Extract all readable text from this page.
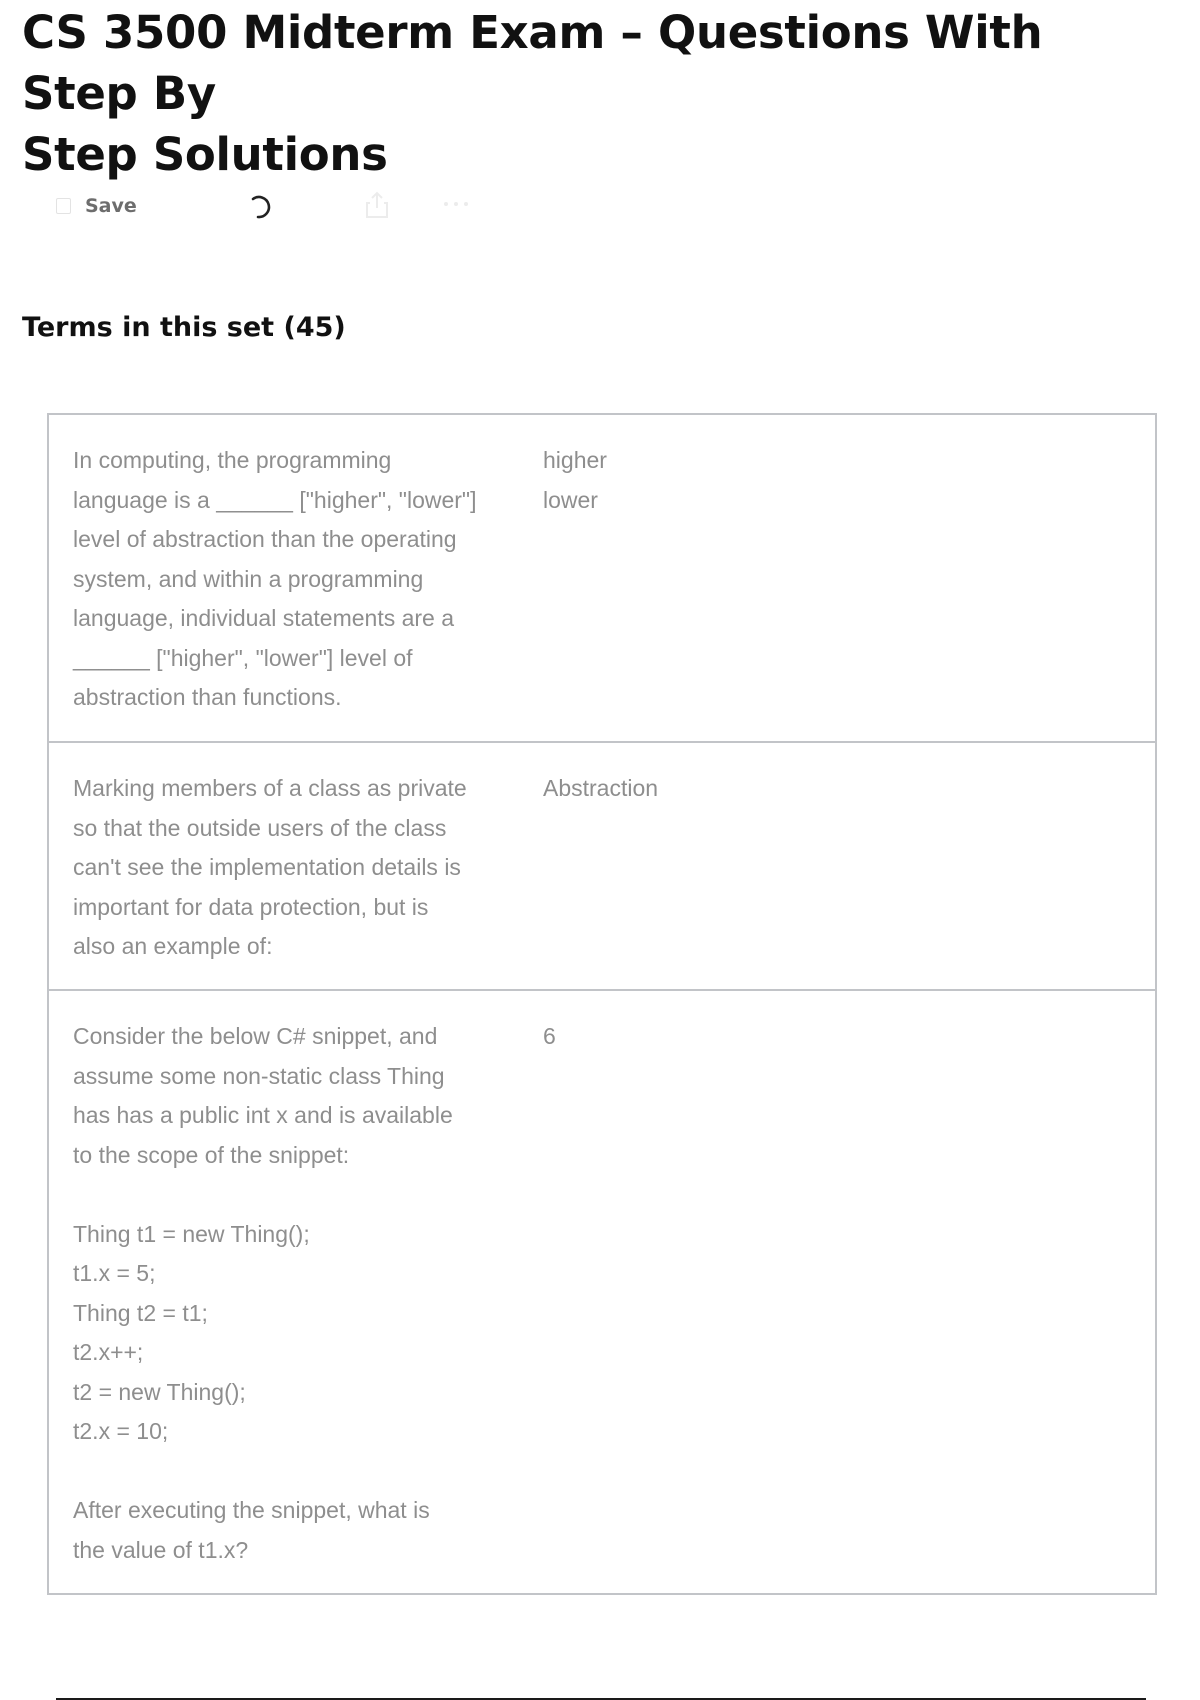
CS 3500 Midterm Exam – Questions With Step By
Step Solutions
Save
Terms in this set (45)
In computing, the programming
language is a ______ ["higher", "lower"]
level of abstraction than the operating
system, and within a programming
language, individual statements are a
______ ["higher", "lower"] level of
abstraction than functions.
higher
lower
Marking members of a class as private
so that the outside users of the class
can't see the implementation details is
important for data protection, but is
also an example of:
Abstraction
Consider the below C# snippet, and
assume some non-static class Thing
has has a public int x and is available
to the scope of the snippet:
Thing t1 = new Thing();
t1.x = 5;
Thing t2 = t1;
t2.x++;
t2 = new Thing();
t2.x = 10;
After executing the snippet, what is
the value of t1.x?
6
